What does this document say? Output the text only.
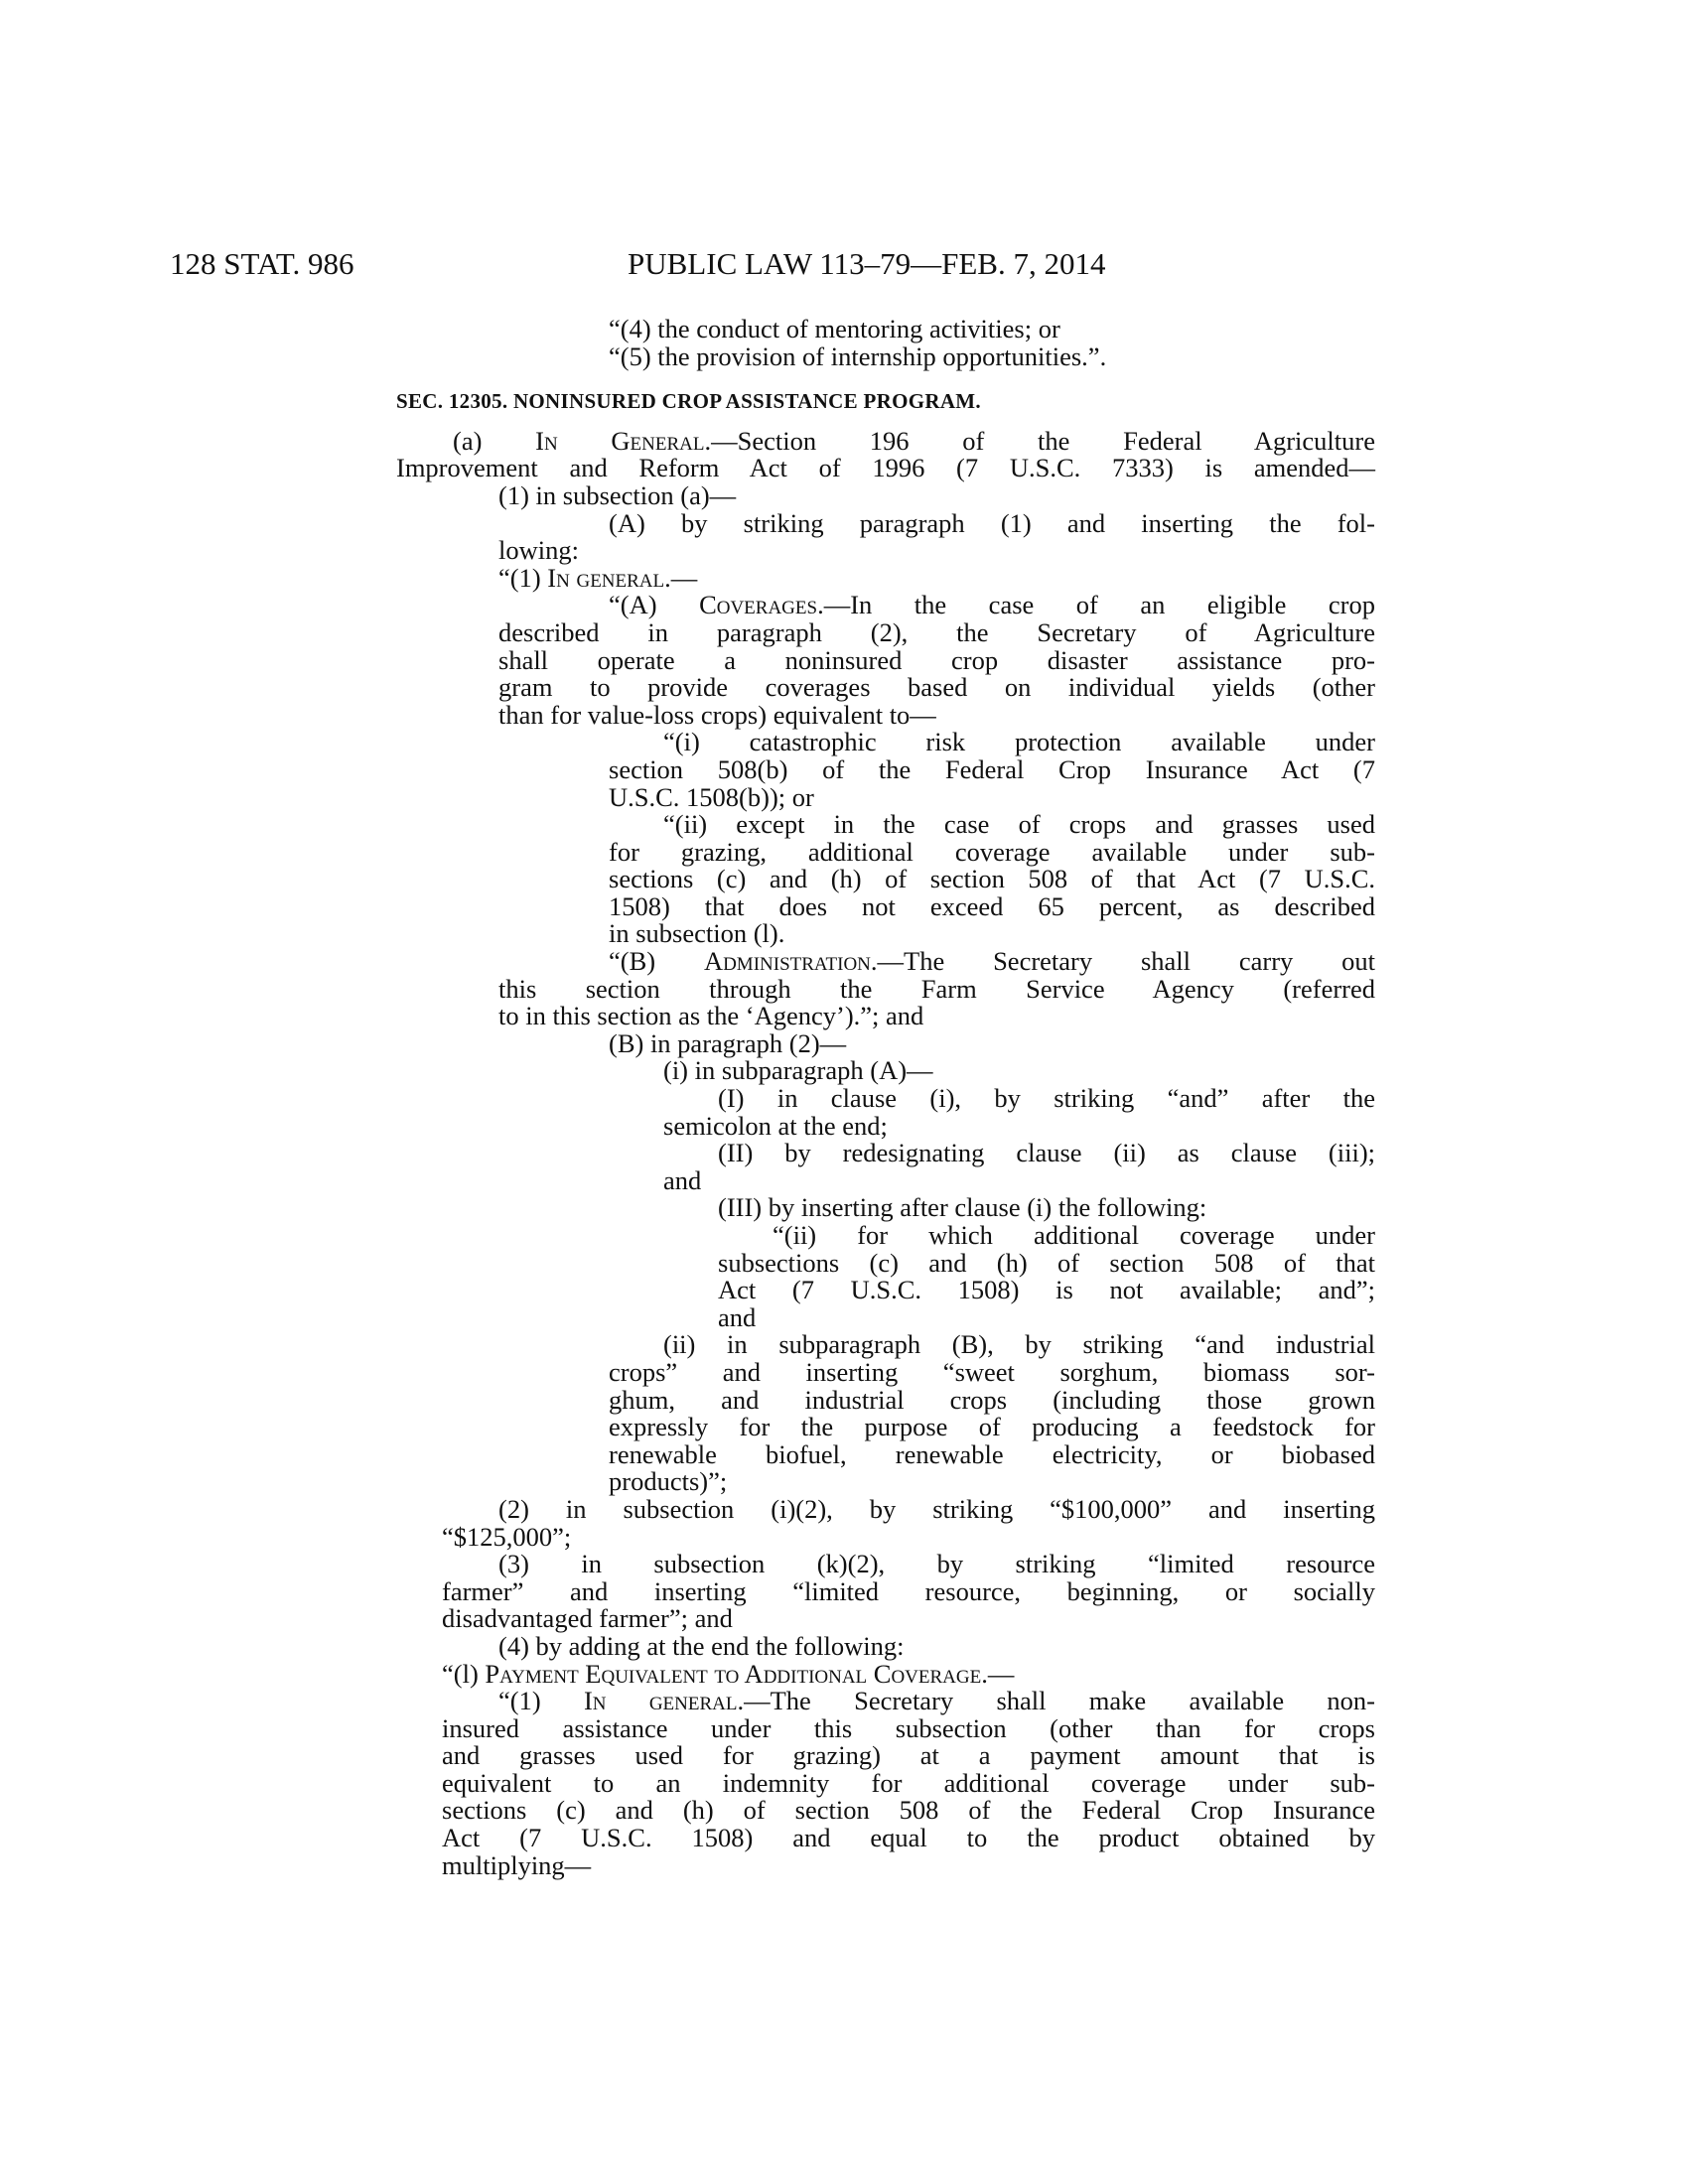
128 STAT. 986	PUBLIC LAW 113–79—FEB. 7, 2014
“(4) the conduct of mentoring activities; or
“(5) the provision of internship opportunities.”.
SEC. 12305. NONINSURED CROP ASSISTANCE PROGRAM.
(a) In General.—Section 196 of the Federal Agriculture
Improvement and Reform Act of 1996 (7 U.S.C. 7333) is amended—
(1) in subsection (a)—
(A) by striking paragraph (1) and inserting the fol-
lowing:
“(1) In general.—
“(A) Coverages.—In the case of an eligible crop
described in paragraph (2), the Secretary of Agriculture
shall operate a noninsured crop disaster assistance pro-
gram to provide coverages based on individual yields (other
than for value-loss crops) equivalent to—
“(i) catastrophic risk protection available under
section 508(b) of the Federal Crop Insurance Act (7
U.S.C. 1508(b)); or
“(ii) except in the case of crops and grasses used
for grazing, additional coverage available under sub-
sections (c) and (h) of section 508 of that Act (7 U.S.C.
1508) that does not exceed 65 percent, as described
in subsection (l).
“(B) Administration.—The Secretary shall carry out
this section through the Farm Service Agency (referred
to in this section as the ‘Agency’).”; and
(B) in paragraph (2)—
(i) in subparagraph (A)—
(I) in clause (i), by striking “and” after the
semicolon at the end;
(II) by redesignating clause (ii) as clause (iii);
and
(III) by inserting after clause (i) the following:
“(ii) for which additional coverage under
subsections (c) and (h) of section 508 of that
Act (7 U.S.C. 1508) is not available; and”;
and
(ii) in subparagraph (B), by striking “and industrial
crops” and inserting “sweet sorghum, biomass sor-
ghum, and industrial crops (including those grown
expressly for the purpose of producing a feedstock for
renewable biofuel, renewable electricity, or biobased
products)”;
(2) in subsection (i)(2), by striking “$100,000” and inserting
“$125,000”;
(3) in subsection (k)(2), by striking “limited resource
farmer” and inserting “limited resource, beginning, or socially
disadvantaged farmer”; and
(4) by adding at the end the following:
“(l) Payment Equivalent to Additional Coverage.—
“(1) In general.—The Secretary shall make available non-
insured assistance under this subsection (other than for crops
and grasses used for grazing) at a payment amount that is
equivalent to an indemnity for additional coverage under sub-
sections (c) and (h) of section 508 of the Federal Crop Insurance
Act (7 U.S.C. 1508) and equal to the product obtained by
multiplying—
